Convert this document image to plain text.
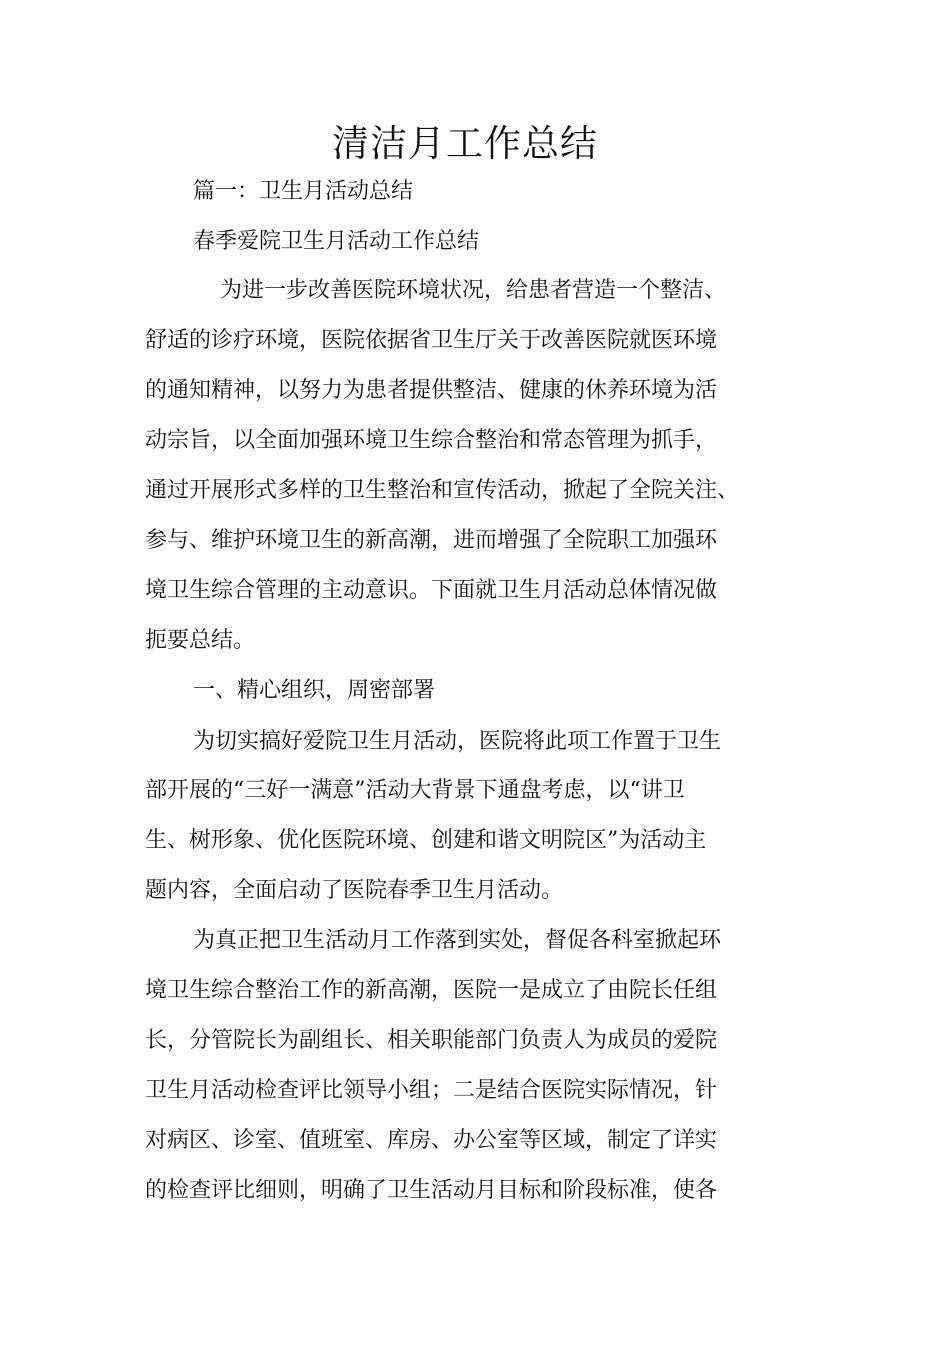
清洁月工作总结

篇一：卫生月活动总结

春季爱院卫生月活动工作总结

为进一步改善医院环境状况，给患者营造一个整洁、

舒适的诊疗环境，医院依据省卫生厅关于改善医院就医环境

的通知精神，以努力为患者提供整洁、健康的休养环境为活

动宗旨，以全面加强环境卫生综合整治和常态管理为抓手，

通过开展形式多样的卫生整治和宣传活动，掀起了全院关注、

参与、维护环境卫生的新高潮，进而增强了全院职工加强环

境卫生综合管理的主动意识。下面就卫生月活动总体情况做

扼要总结。

一、精心组织，周密部署

为切实搞好爱院卫生月活动，医院将此项工作置于卫生

部开展的“三好一满意”活动大背景下通盘考虑，以“讲卫

生、树形象、优化医院环境、创建和谐文明院区”为活动主

题内容，全面启动了医院春季卫生月活动。

为真正把卫生活动月工作落到实处，督促各科室掀起环

境卫生综合整治工作的新高潮，医院一是成立了由院长任组

长，分管院长为副组长、相关职能部门负责人为成员的爱院

卫生月活动检查评比领导小组；二是结合医院实际情况，针

对病区、诊室、值班室、库房、办公室等区域，制定了详实

的检查评比细则，明确了卫生活动月目标和阶段标准，使各
